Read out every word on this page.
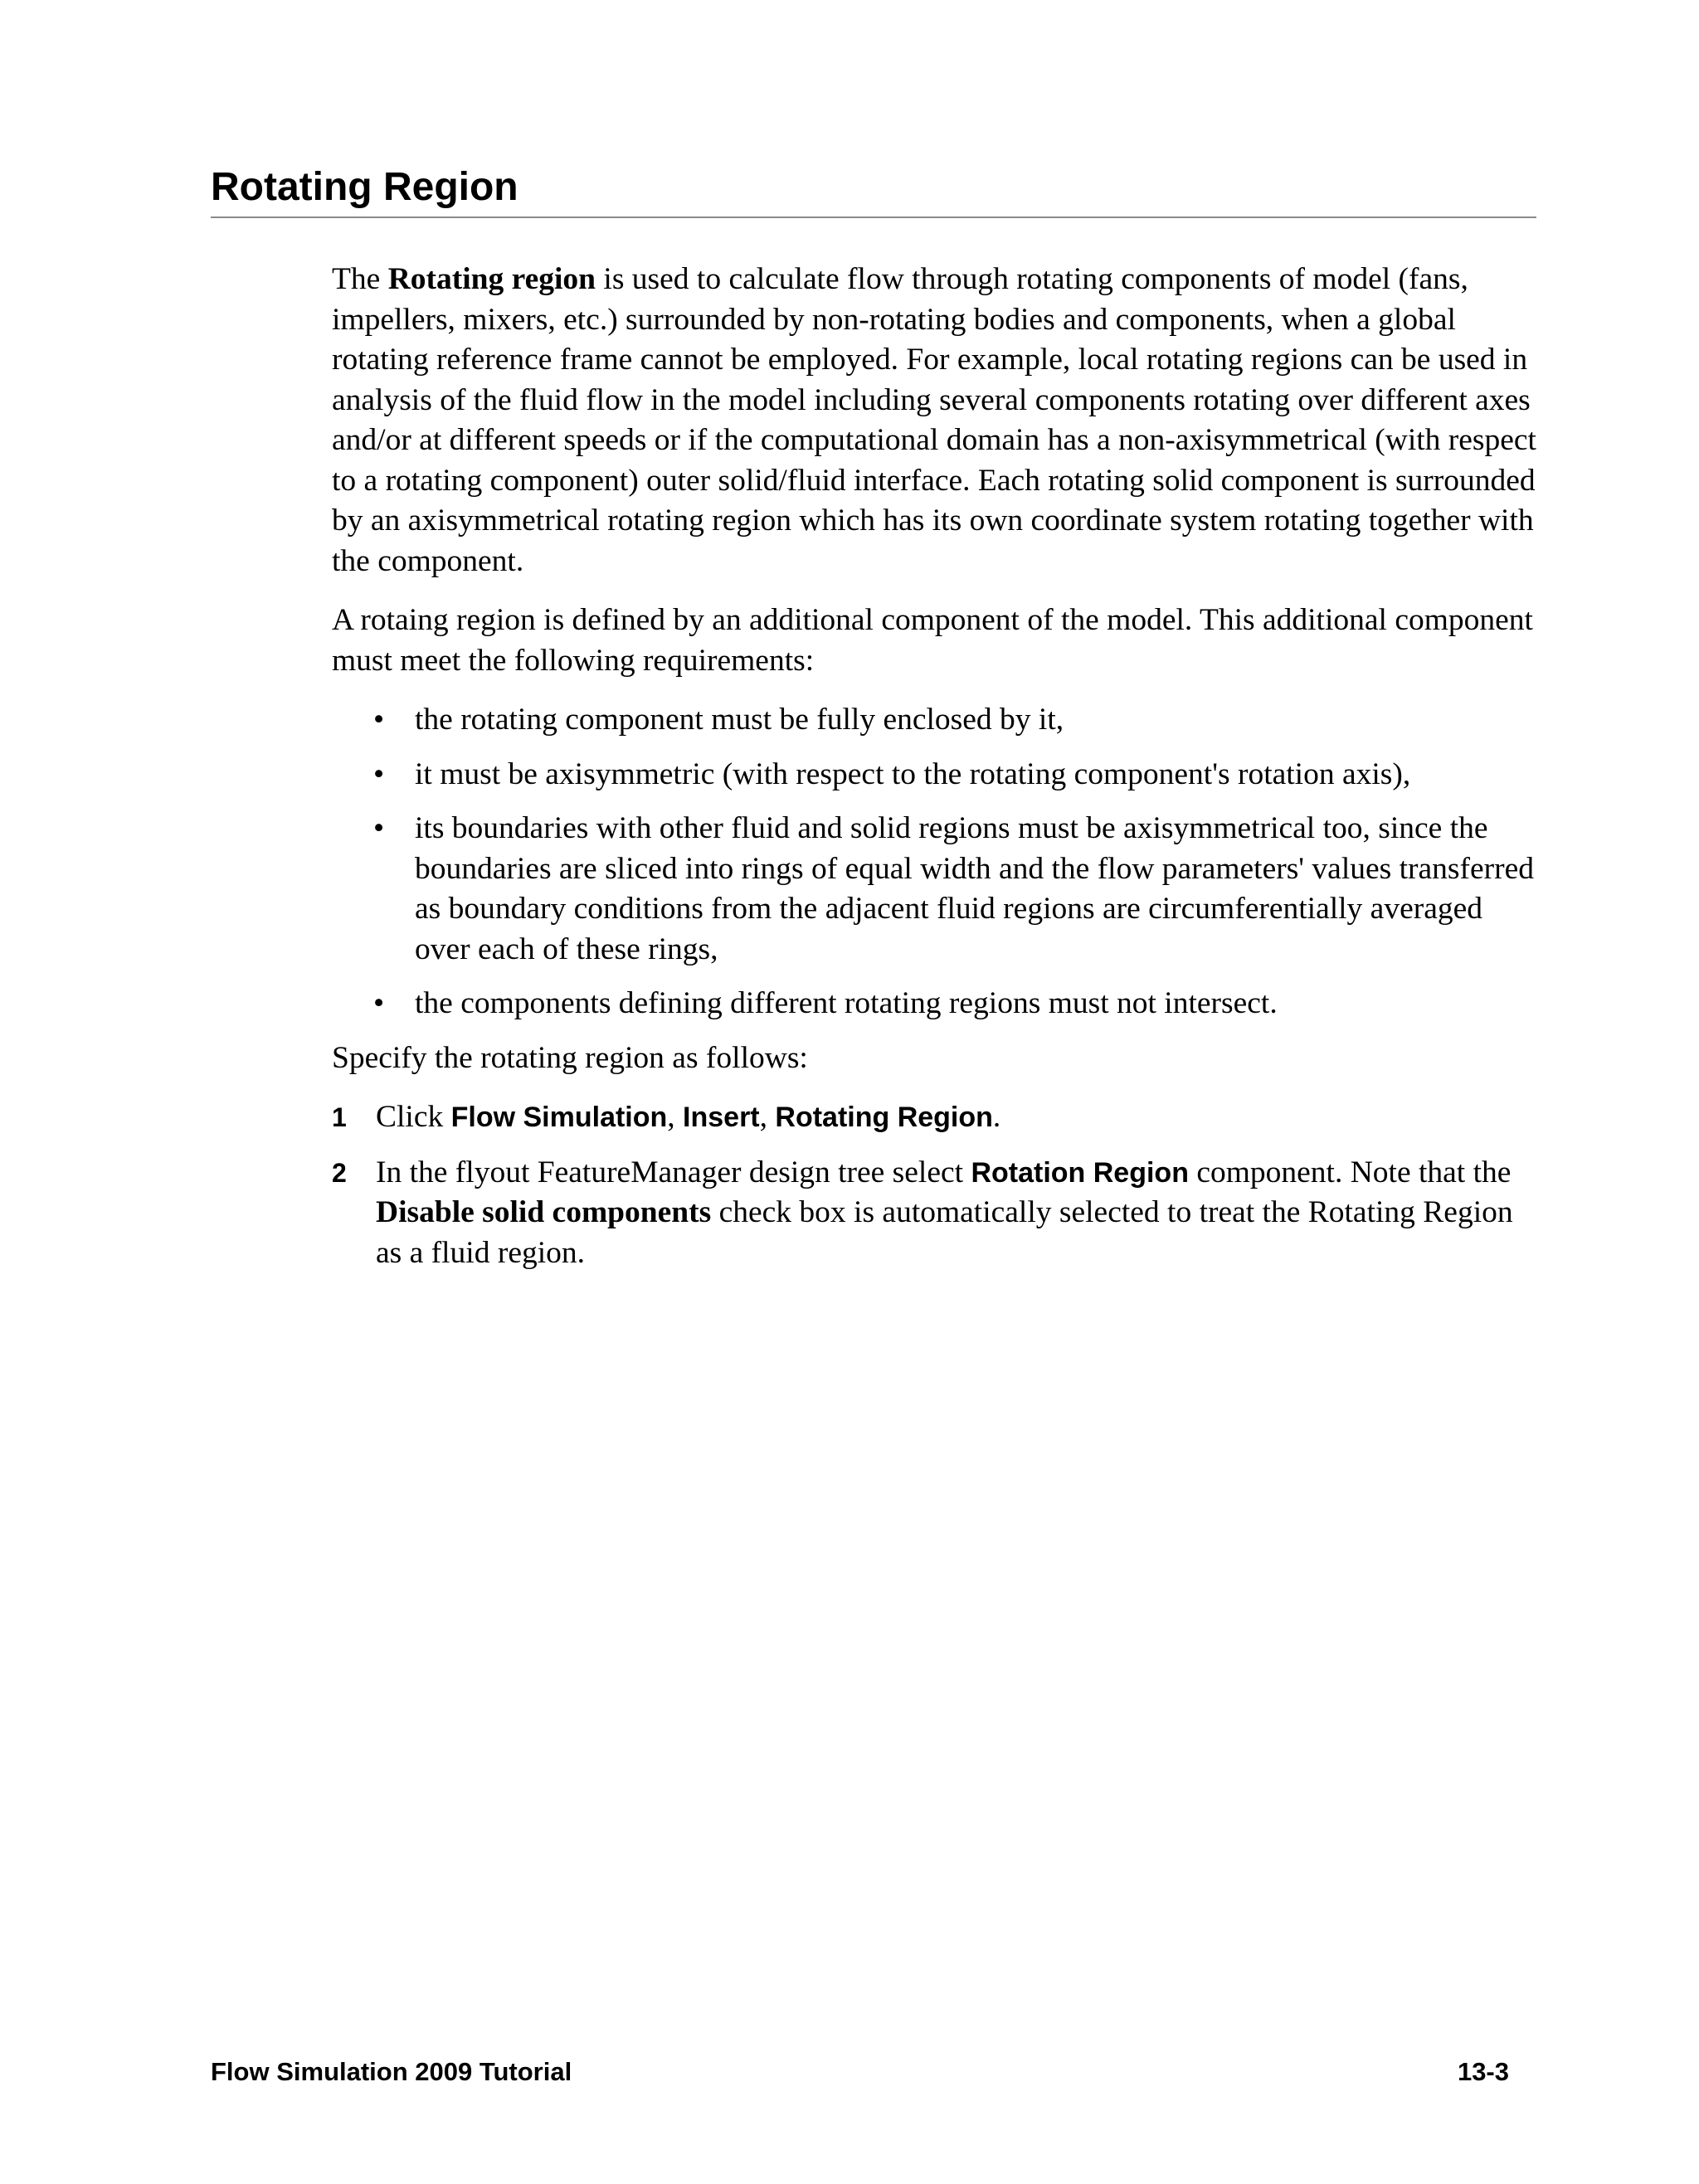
Rotating Region

The Rotating region is used to calculate flow through rotating components of model (fans, impellers, mixers, etc.) surrounded by non-rotating bodies and components, when a global rotating reference frame cannot be employed. For example, local rotating regions can be used in analysis of the fluid flow in the model including several components rotating over different axes and/or at different speeds or if the computational domain has a non-axisymmetrical (with respect to a rotating component) outer solid/fluid interface. Each rotating solid component is surrounded by an axisymmetrical rotating region which has its own coordinate system rotating together with the component.

A rotaing region is defined by an additional component of the model. This additional component must meet the following requirements:

• the rotating component must be fully enclosed by it,
• it must be axisymmetric (with respect to the rotating component's rotation axis),
• its boundaries with other fluid and solid regions must be axisymmetrical too, since the boundaries are sliced into rings of equal width and the flow parameters' values transferred as boundary conditions from the adjacent fluid regions are circumferentially averaged over each of these rings,
• the components defining different rotating regions must not intersect.

Specify the rotating region as follows:

1 Click Flow Simulation, Insert, Rotating Region.
2 In the flyout FeatureManager design tree select Rotation Region component. Note that the Disable solid components check box is automatically selected to treat the Rotating Region as a fluid region.
Flow Simulation 2009 Tutorial	13-3
